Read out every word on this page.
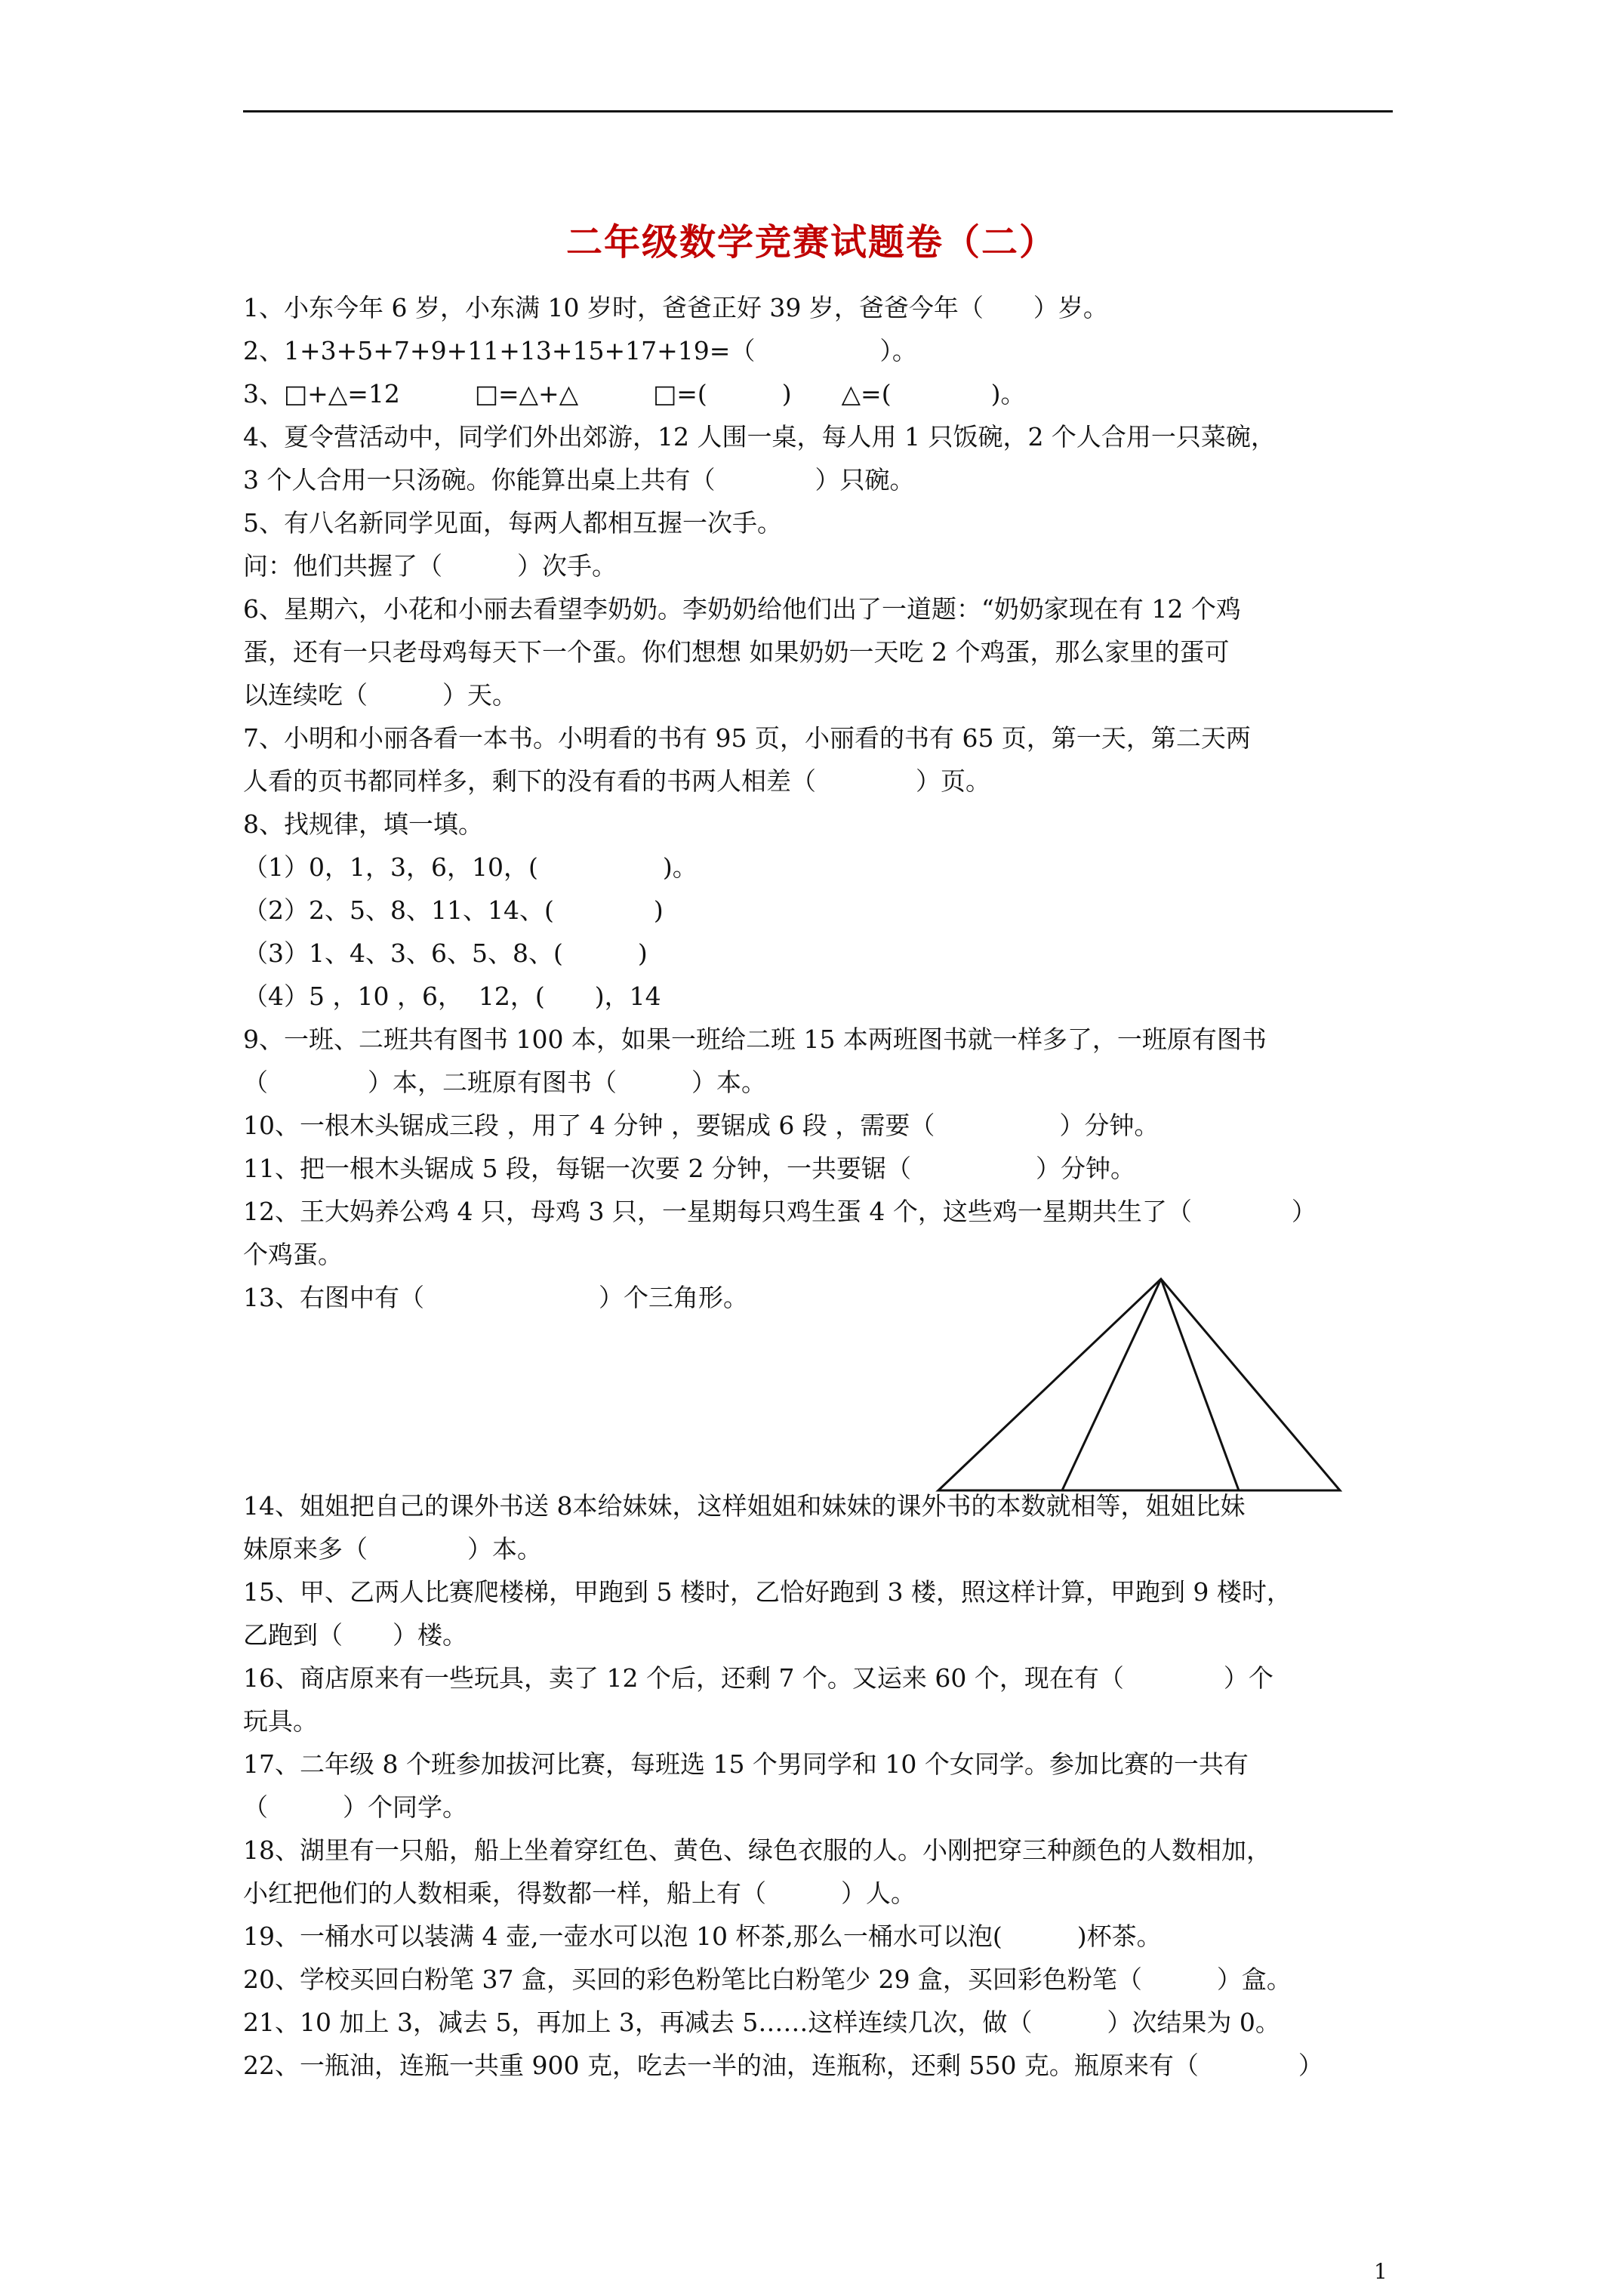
二年级数学竞赛试题卷（二）
1、小东今年 6 岁，小东满 10 岁时，爸爸正好 39 岁，爸爸今年（　　）岁。
2、1+3+5+7+9+11+13+15+17+19=（　　　　　）。
3、□+△=12　　　□=△+△　　　□=(　　　)　　△=(　　　　)。
4、夏令营活动中，同学们外出郊游，12 人围一桌，每人用 1 只饭碗，2 个人合用一只菜碗，
3 个人合用一只汤碗。你能算出桌上共有（　　　　）只碗。
5、有八名新同学见面，每两人都相互握一次手。
问：他们共握了（　　　）次手。
6、星期六，小花和小丽去看望李奶奶。李奶奶给他们出了一道题：“奶奶家现在有 12 个鸡
蛋，还有一只老母鸡每天下一个蛋。你们想想 如果奶奶一天吃 2 个鸡蛋，那么家里的蛋可
以连续吃（　　　）天。
7、小明和小丽各看一本书。小明看的书有 95 页，小丽看的书有 65 页，第一天，第二天两
人看的页书都同样多，剩下的没有看的书两人相差（　　　　）页。
8、找规律，填一填。
（1）0，1，3，6，10，(　　　　　)。
（2）2、5、8、11、14、(　　　　)
（3）1、4、3、6、5、8、(　　　)
（4）5 ，10 ，6，  12，(　　)，14
9、一班、二班共有图书 100 本，如果一班给二班 15 本两班图书就一样多了，一班原有图书
（　　　　）本，二班原有图书（　　　）本。
10、一根木头锯成三段 ，用了 4 分钟 ，要锯成 6 段 ，需要（　　　　　）分钟。
11、把一根木头锯成 5 段，每锯一次要 2 分钟，一共要锯（　　　　　）分钟。
12、王大妈养公鸡 4 只，母鸡 3 只，一星期每只鸡生蛋 4 个，这些鸡一星期共生了（　　　　）
个鸡蛋。
13、右图中有（　　　　　　　）个三角形。
14、姐姐把自己的课外书送 8本给妹妹，这样姐姐和妹妹的课外书的本数就相等，姐姐比妹
妹原来多（　　　　）本。
15、甲、乙两人比赛爬楼梯，甲跑到 5 楼时，乙恰好跑到 3 楼，照这样计算，甲跑到 9 楼时，
乙跑到（　　）楼。
16、商店原来有一些玩具，卖了 12 个后，还剩 7 个。又运来 60 个，现在有（　　　　）个
玩具。
17、二年级 8 个班参加拔河比赛，每班选 15 个男同学和 10 个女同学。参加比赛的一共有
（　　　）个同学。
18、湖里有一只船，船上坐着穿红色、黄色、绿色衣服的人。小刚把穿三种颜色的人数相加，
小红把他们的人数相乘，得数都一样，船上有（　　　）人。
19、一桶水可以装满 4 壶,一壶水可以泡 10 杯茶,那么一桶水可以泡(　　　)杯茶。
20、学校买回白粉笔 37 盒，买回的彩色粉笔比白粉笔少 29 盒，买回彩色粉笔（　　　）盒。
21、10 加上 3，减去 5，再加上 3，再减去 5……这样连续几次，做（　　　）次结果为 0。
22、一瓶油，连瓶一共重 900 克，吃去一半的油，连瓶称，还剩 550 克。瓶原来有（　　　　）
1
